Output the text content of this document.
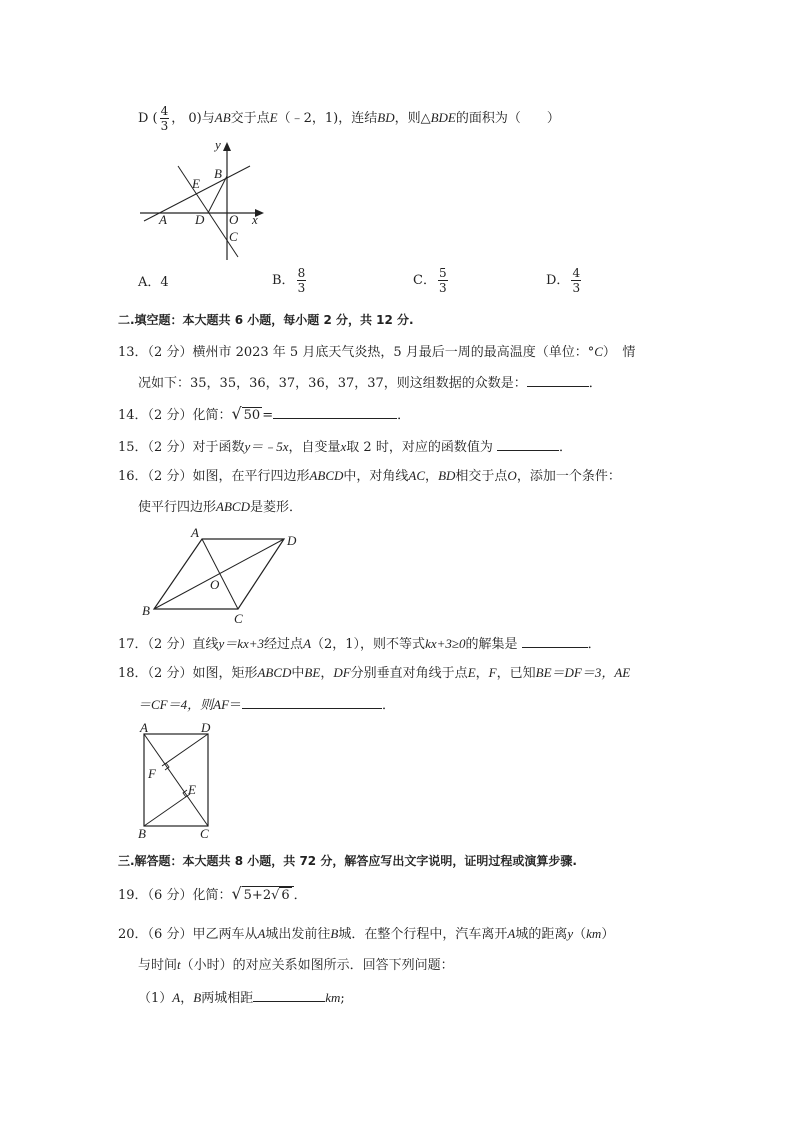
D ( $\frac{4}{3}$ ， 0)与AB交于点E（﹣2，1)，连结BD，则△BDE的面积为（　　）
y
B
E
A D O x
C
A．4	B． $\frac{8}{3}$	C． $\frac{5}{3}$	D． $\frac{4}{3}$
二.填空题：本大题共 6 小题，每小题 2 分，共 12 分.
13．（2 分）横州市 2023 年 5 月底天气炎热，5 月最后一周的最高温度（单位：°C）　情
况如下：35，35，36，37，36，37，37，则这组数据的众数是：	．
14．（2 分）化简：√ 50 =	．
15．（2 分）对于函数y＝﹣5x，自变量x取 2 时，对应的函数值为	．
16．（2 分）如图，在平行四边形ABCD中，对角线AC，BD相交于点O，添加一个条件：
使平行四边形ABCD是菱形．
A
D
O
B
C
17．（2 分）直线y＝kx+3经过点A（2，1），则不等式kx+3≥0的解集是	．
18．（2 分）如图，矩形ABCD中BE，DF分别垂直对角线于点E，F，已知BE＝DF＝3，AE
＝CF＝4，则AF＝	．
A	D
F
E
B	C
三.解答题：本大题共 8 小题，共 72 分，解答应写出文字说明，证明过程或演算步骤.
19．（6 分）化简：√ 5+2√ 6 ．
20．（6 分）甲乙两车从A城出发前往B城．在整个行程中，汽车离开A城的距离y（km）
与时间t（小时）的对应关系如图所示．回答下列问题：
（1）A，B两城相距	km;
